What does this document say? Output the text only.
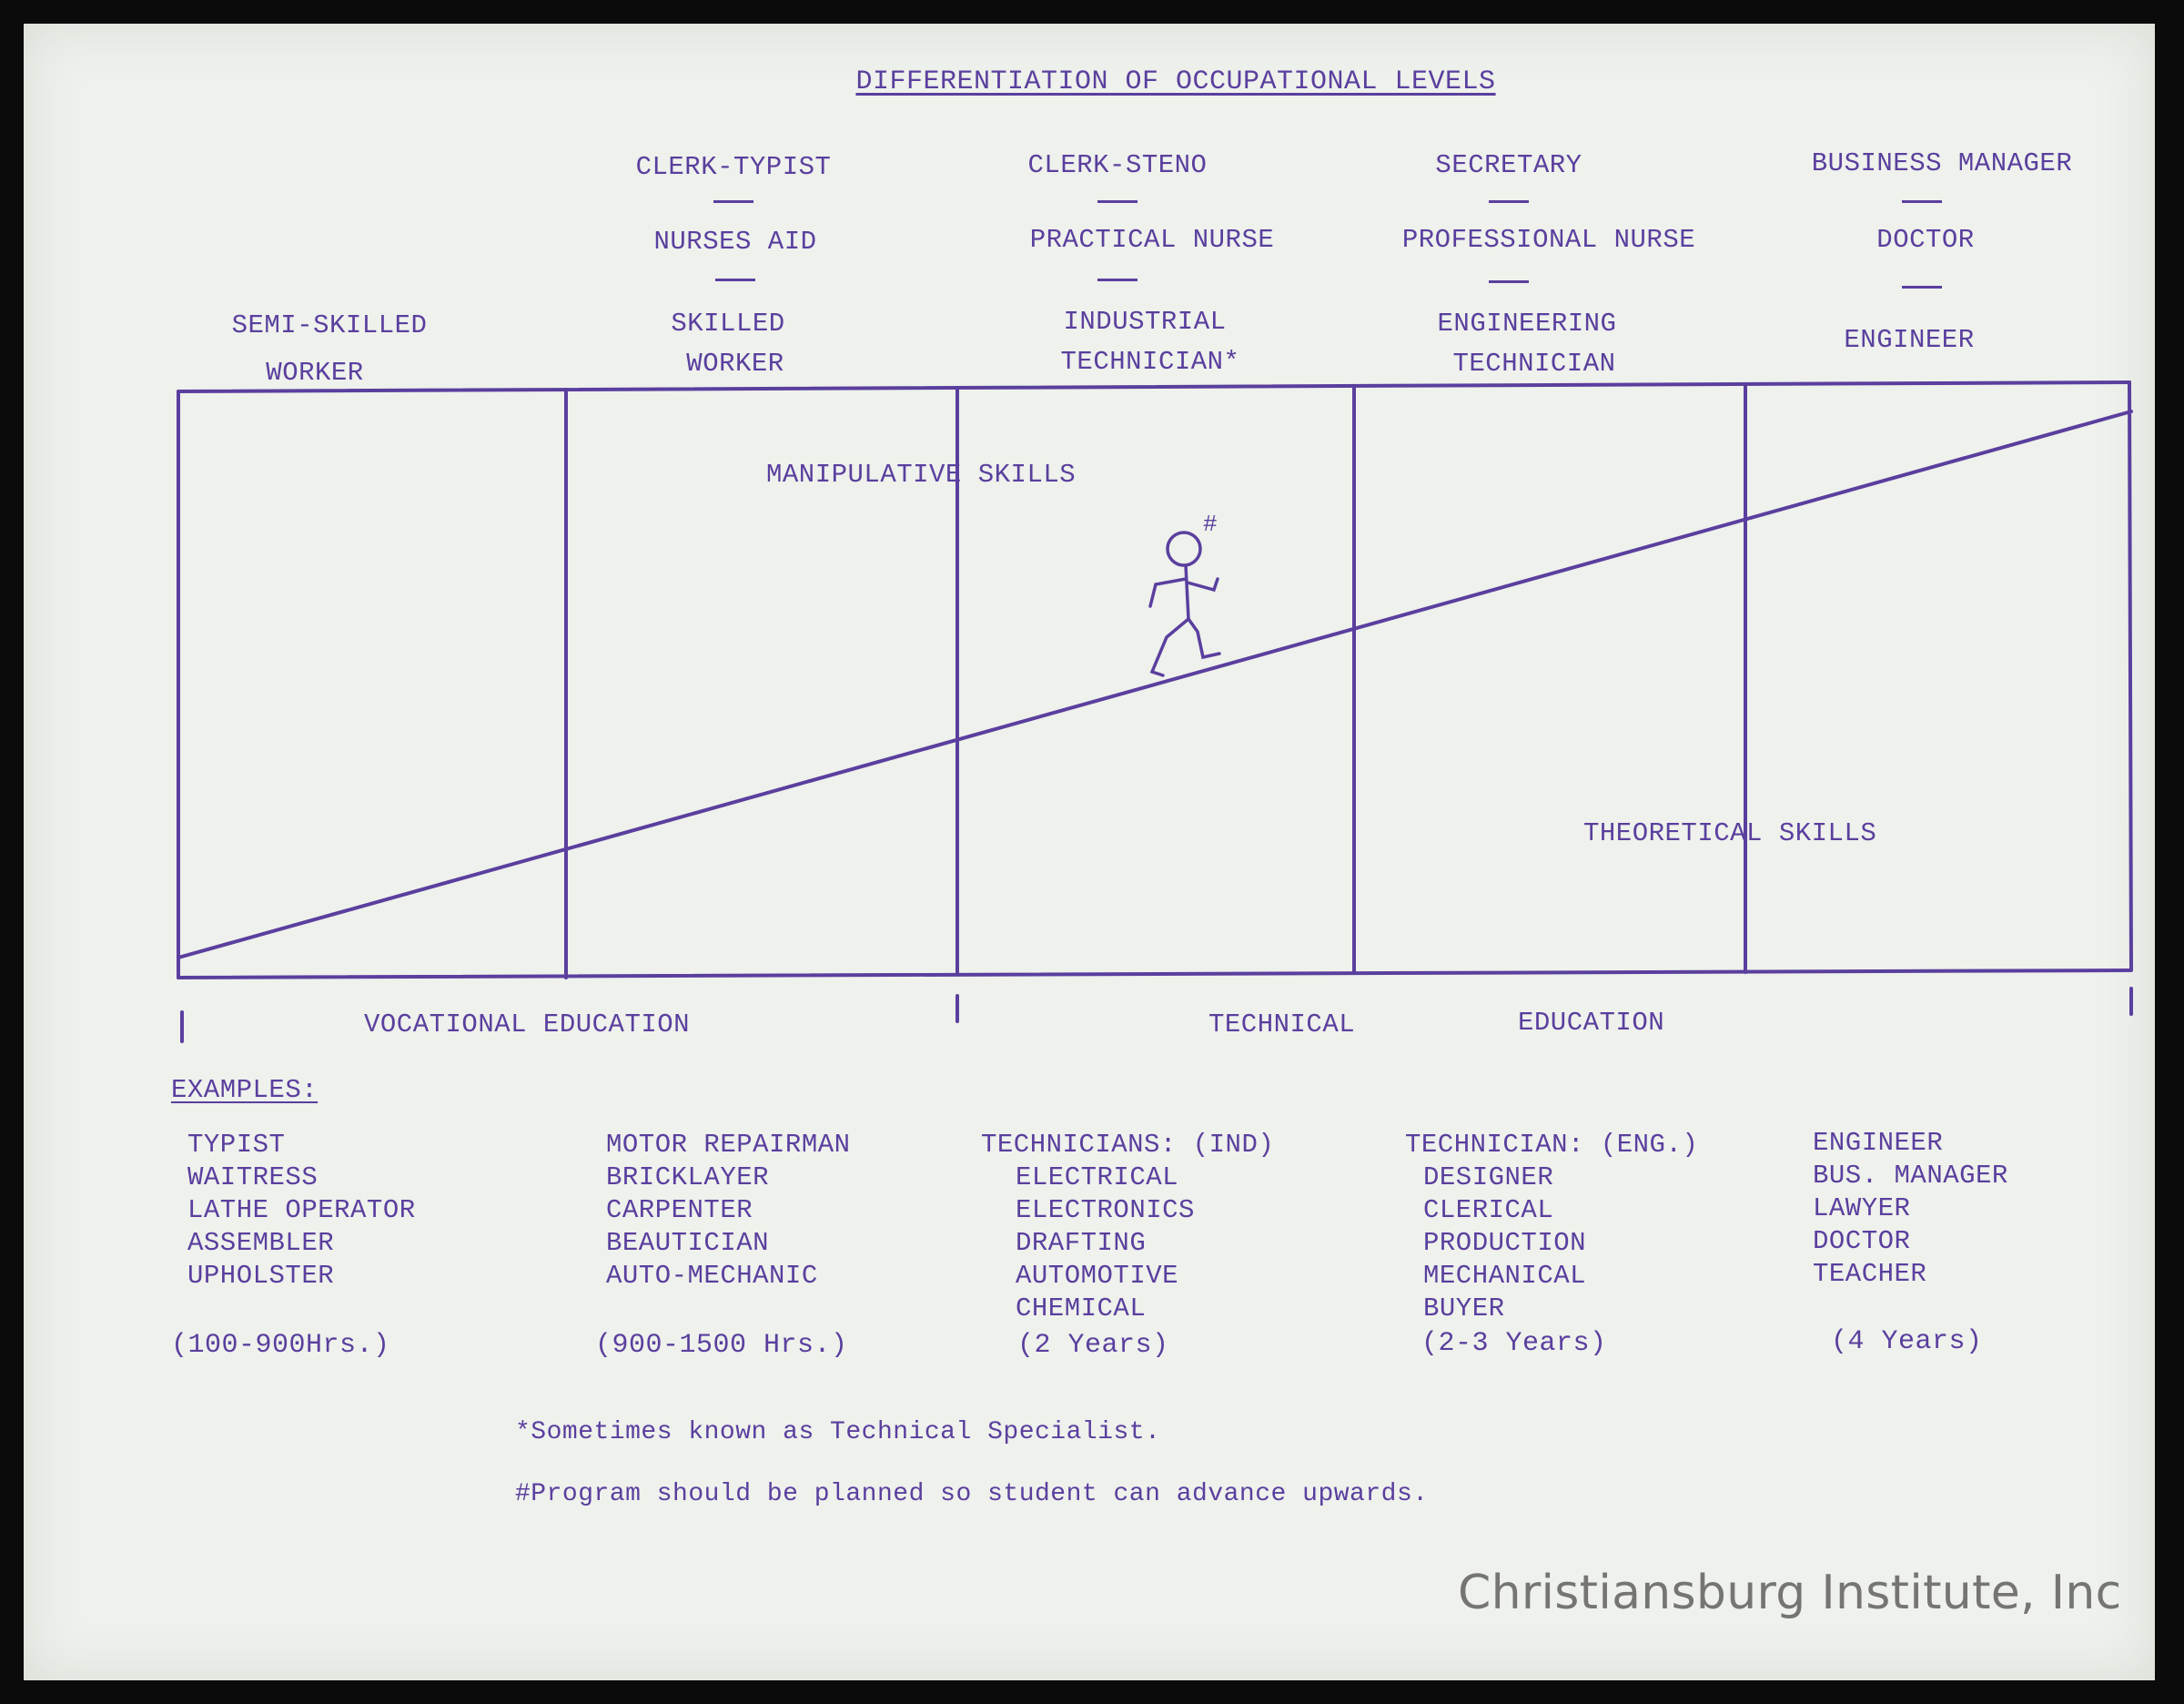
DIFFERENTIATION OF OCCUPATIONAL LEVELS
CLERK-TYPIST
NURSES AID
CLERK-STENO
PRACTICAL NURSE
SECRETARY
PROFESSIONAL NURSE
BUSINESS MANAGER
DOCTOR
SEMI-SKILLED
WORKER
SKILLED
WORKER
INDUSTRIAL
TECHNICIAN*
ENGINEERING
TECHNICIAN
ENGINEER
#
MANIPULATIVE SKILLS
THEORETICAL SKILLS
VOCATIONAL EDUCATION	TECHNICAL	EDUCATION
EXAMPLES:
TYPIST
WAITRESS
LATHE OPERATOR
ASSEMBLER
UPHOLSTER
(100-900Hrs.)
MOTOR REPAIRMAN
BRICKLAYER
CARPENTER
BEAUTICIAN
AUTO-MECHANIC
(900-1500 Hrs.)
TECHNICIANS: (IND)
ELECTRICAL
ELECTRONICS
DRAFTING
AUTOMOTIVE
CHEMICAL
(2 Years)
TECHNICIAN: (ENG.)
DESIGNER
CLERICAL
PRODUCTION
MECHANICAL
BUYER
(2-3 Years)
ENGINEER
BUS. MANAGER
LAWYER
DOCTOR
TEACHER
(4 Years)
*Sometimes known as Technical Specialist.
#Program should be planned so student can advance upwards.
Christiansburg Institute, Inc
